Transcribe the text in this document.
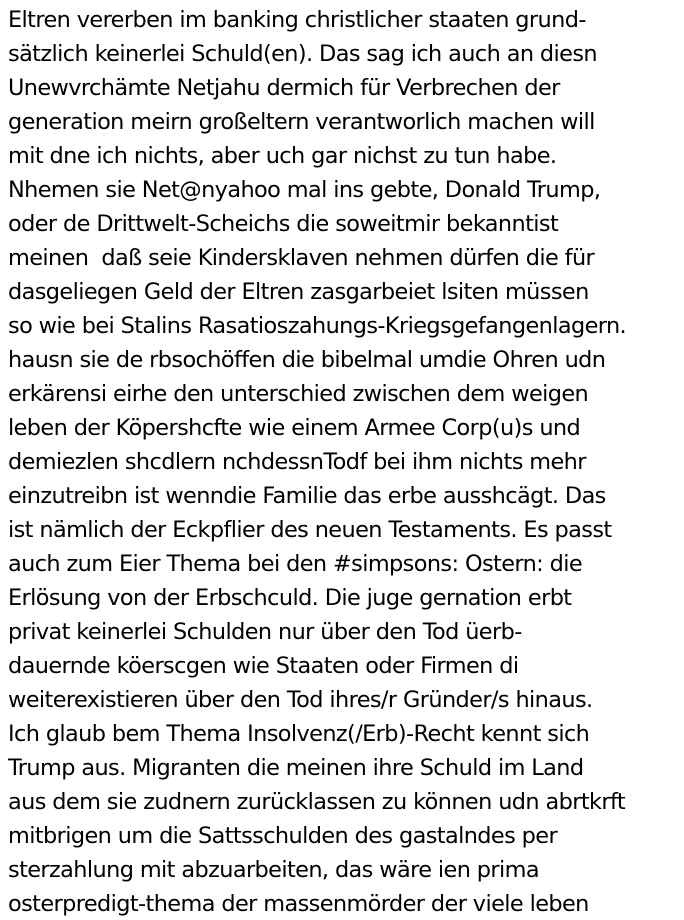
Eltren vererben im banking christlicher staaten grund-
sätzlich keinerlei Schuld(en). Das sag ich auch an diesn
Unewvrchämte Netjahu dermich für Verbrechen der
generation meirn großeltern verantworlich machen will
mit dne ich nichts, aber uch gar nichst zu tun habe.
Nhemen sie Net@nyahoo mal ins gebte, Donald Trump,
oder de Drittwelt-Scheichs die soweitmir bekanntist
meinen  daß seie Kindersklaven nehmen dürfen die für
dasgeliegen Geld der Eltren zasgarbeiet lsiten müssen
so wie bei Stalins Rasatioszahungs-Kriegsgefangenlagern.
hausn sie de rbsochöffen die bibelmal umdie Ohren udn
erkärensi eirhe den unterschied zwischen dem weigen
leben der Köpershcfte wie einem Armee Corp(u)s und
demiezlen shcdlern nchdessnTodf bei ihm nichts mehr
einzutreibn ist wenndie Familie das erbe ausshcägt. Das
ist nämlich der Eckpflier des neuen Testaments. Es passt
auch zum Eier Thema bei den #simpsons: Ostern: die
Erlösung von der Erbschculd. Die juge gernation erbt
privat keinerlei Schulden nur über den Tod üerb-
dauernde köerscgen wie Staaten oder Firmen di
weiterexistieren über den Tod ihres/r Gründer/s hinaus.
Ich glaub bem Thema Insolvenz(/Erb)-Recht kennt sich
Trump aus. Migranten die meinen ihre Schuld im Land
aus dem sie zudnern zurücklassen zu können udn abrtkrft
mitbrigen um die Sattsschulden des gastalndes per
sterzahlung mit abzuarbeiten, das wäre ien prima
osterpredigt-thema der massenmörder der viele leben
